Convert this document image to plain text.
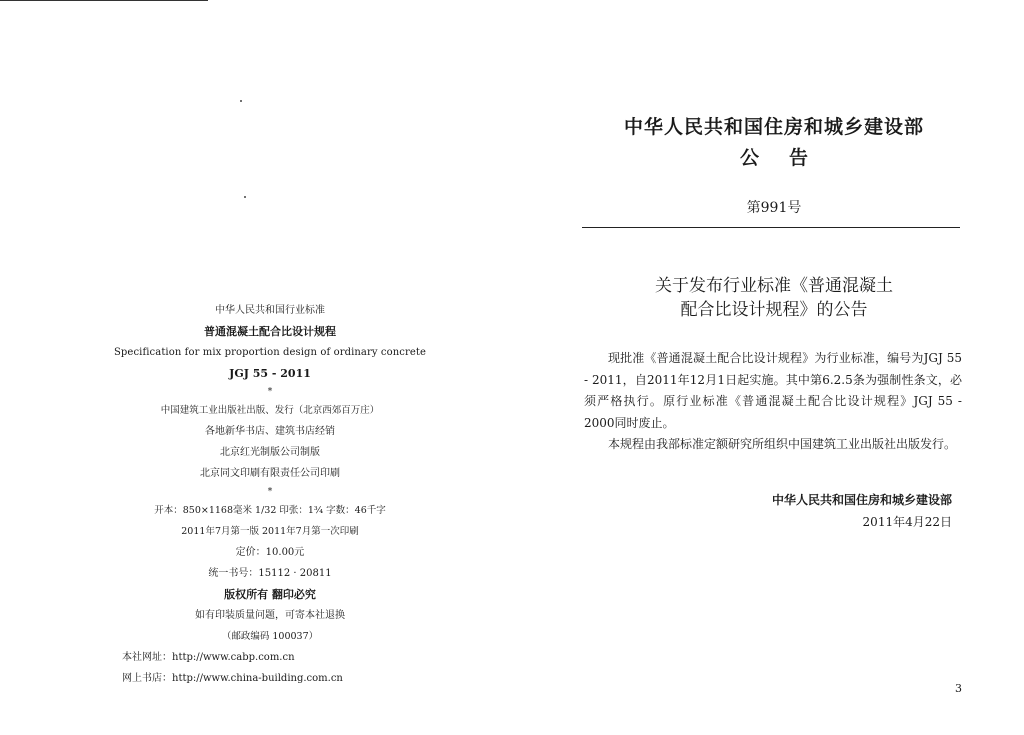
中华人民共和国行业标准
普通混凝土配合比设计规程
Specification for mix proportion design of ordinary concrete
JGJ 55 - 2011
*
中国建筑工业出版社出版、发行（北京西郊百万庄）
各地新华书店、建筑书店经销
北京红光制版公司制版
北京同文印刷有限责任公司印刷
*
开本：850×1168毫米 1/32 印张：1¾ 字数：46千字
2011年7月第一版 2011年7月第一次印刷
定价：10.00元
统一书号：15112 · 20811
版权所有 翻印必究
如有印装质量问题，可寄本社退换
（邮政编码 100037）
本社网址：http://www.cabp.com.cn
网上书店：http://www.china-building.com.cn
中华人民共和国住房和城乡建设部
公告
第991号
关于发布行业标准《普通混凝土
配合比设计规程》的公告

现批准《普通混凝土配合比设计规程》为行业标准，编号为JGJ 55 - 2011，自2011年12月1日起实施。其中第6.2.5条为强制性条文，必须严格执行。原行业标准《普通混凝土配合比设计规程》JGJ 55 - 2000同时废止。

本规程由我部标准定额研究所组织中国建筑工业出版社出版发行。

中华人民共和国住房和城乡建设部
2011年4月22日
3
